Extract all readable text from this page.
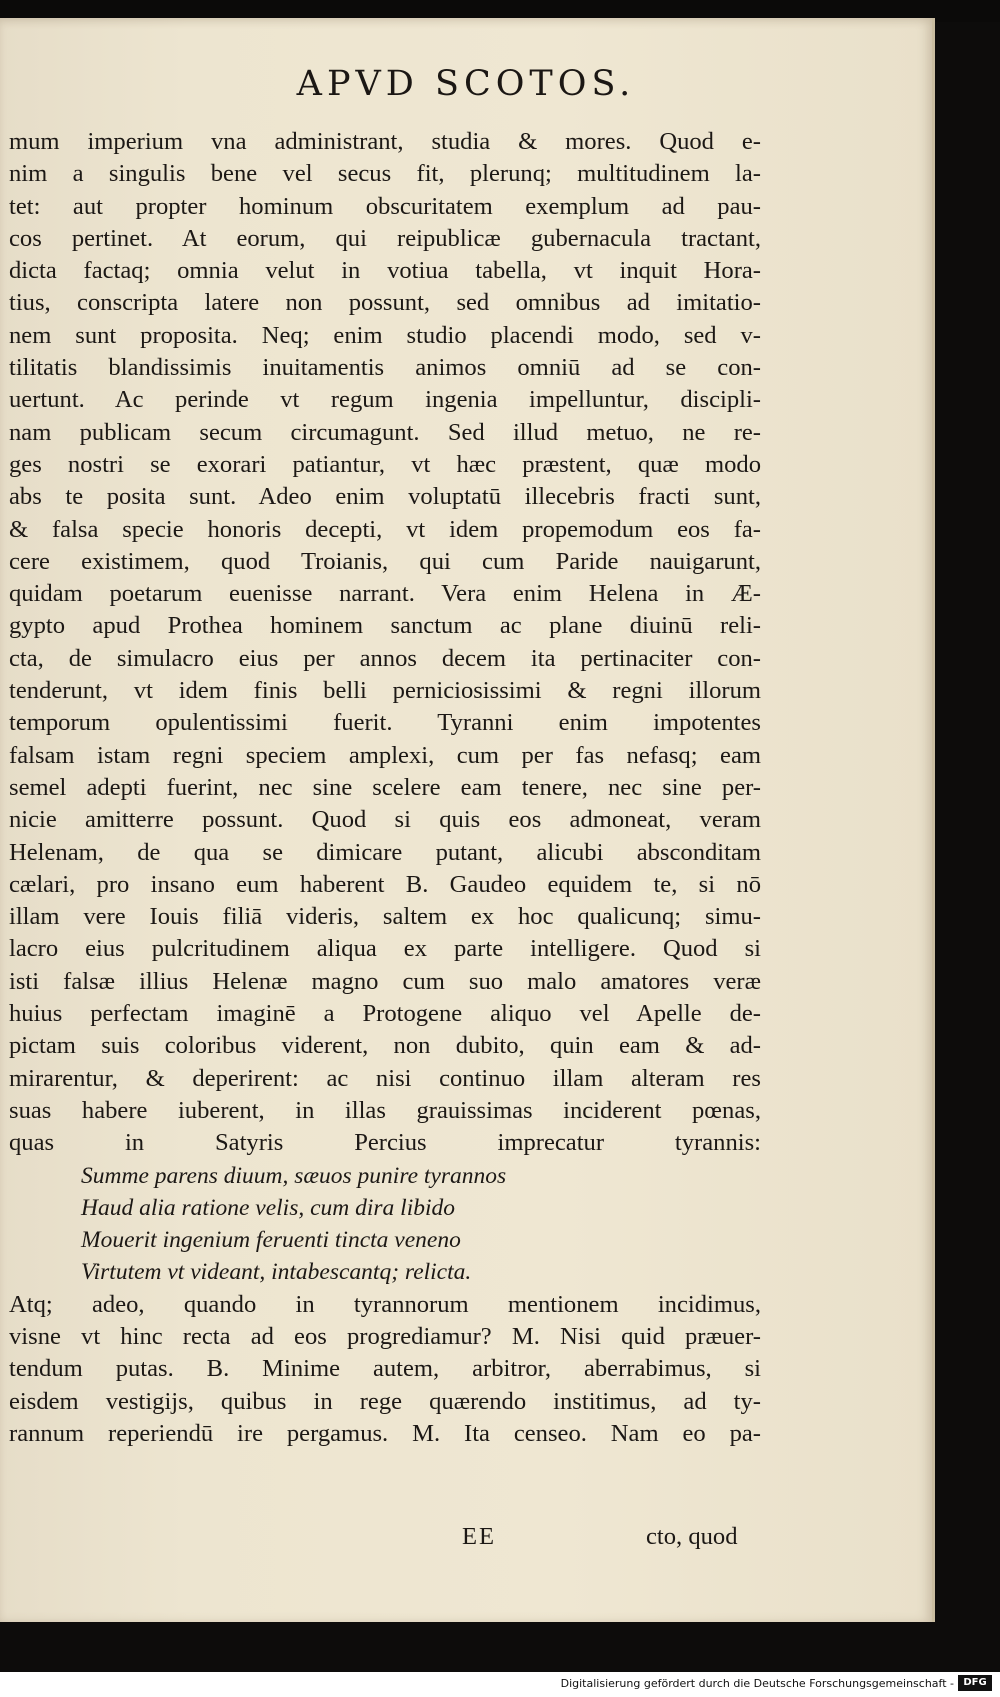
APVD SCOTOS.
mum imperium vna administrant, studia & mores. Quod e-
nim a singulis bene vel secus fit, plerunq; multitudinem la-
tet: aut propter hominum obscuritatem exemplum ad pau-
cos pertinet. At eorum, qui reipublicæ gubernacula tractant,
dicta factaq; omnia velut in votiua tabella, vt inquit Hora-
tius, conscripta latere non possunt, sed omnibus ad imitatio-
nem sunt proposita. Neq; enim studio placendi modo, sed v-
tilitatis blandissimis inuitamentis animos omniū ad se con-
uertunt. Ac perinde vt regum ingenia impelluntur, discipli-
nam publicam secum circumagunt. Sed illud metuo, ne re-
ges nostri se exorari patiantur, vt hæc præstent, quæ modo
abs te posita sunt. Adeo enim voluptatū illecebris fracti sunt,
& falsa specie honoris decepti, vt idem propemodum eos fa-
cere existimem, quod Troianis, qui cum Paride nauigarunt,
quidam poetarum euenisse narrant. Vera enim Helena in Æ-
gypto apud Prothea hominem sanctum ac plane diuinū reli-
cta, de simulacro eius per annos decem ita pertinaciter con-
tenderunt, vt idem finis belli perniciosissimi & regni illorum
temporum opulentissimi fuerit. Tyranni enim impotentes
falsam istam regni speciem amplexi, cum per fas nefasq; eam
semel adepti fuerint, nec sine scelere eam tenere, nec sine per-
nicie amitterre possunt. Quod si quis eos admoneat, veram
Helenam, de qua se dimicare putant, alicubi absconditam
cælari, pro insano eum haberent B. Gaudeo equidem te, si nō
illam vere Iouis filiā videris, saltem ex hoc qualicunq; simu-
lacro eius pulcritudinem aliqua ex parte intelligere. Quod si
isti falsæ illius Helenæ magno cum suo malo amatores veræ
huius perfectam imaginē a Protogene aliquo vel Apelle de-
pictam suis coloribus viderent, non dubito, quin eam & ad-
mirarentur, & deperirent: ac nisi continuo illam alteram res
suas habere iuberent, in illas grauissimas inciderent pœnas,
quas in Satyris Percius imprecatur tyrannis:
Summe parens diuum, sæuos punire tyrannos
Haud alia ratione velis, cum dira libido
Mouerit ingenium feruenti tincta veneno
Virtutem vt videant, intabescantq; relicta.
Atq; adeo, quando in tyrannorum mentionem incidimus,
visne vt hinc recta ad eos progrediamur? M. Nisi quid præuer-
tendum putas. B. Minime autem, arbitror, aberrabimus, si
eisdem vestigijs, quibus in rege quærendo institimus, ad ty-
rannum reperiendū ire pergamus. M. Ita censeo. Nam eo pa-
EE	cto, quod
Digitalisierung gefördert durch die Deutsche Forschungsgemeinschaft - DFG
